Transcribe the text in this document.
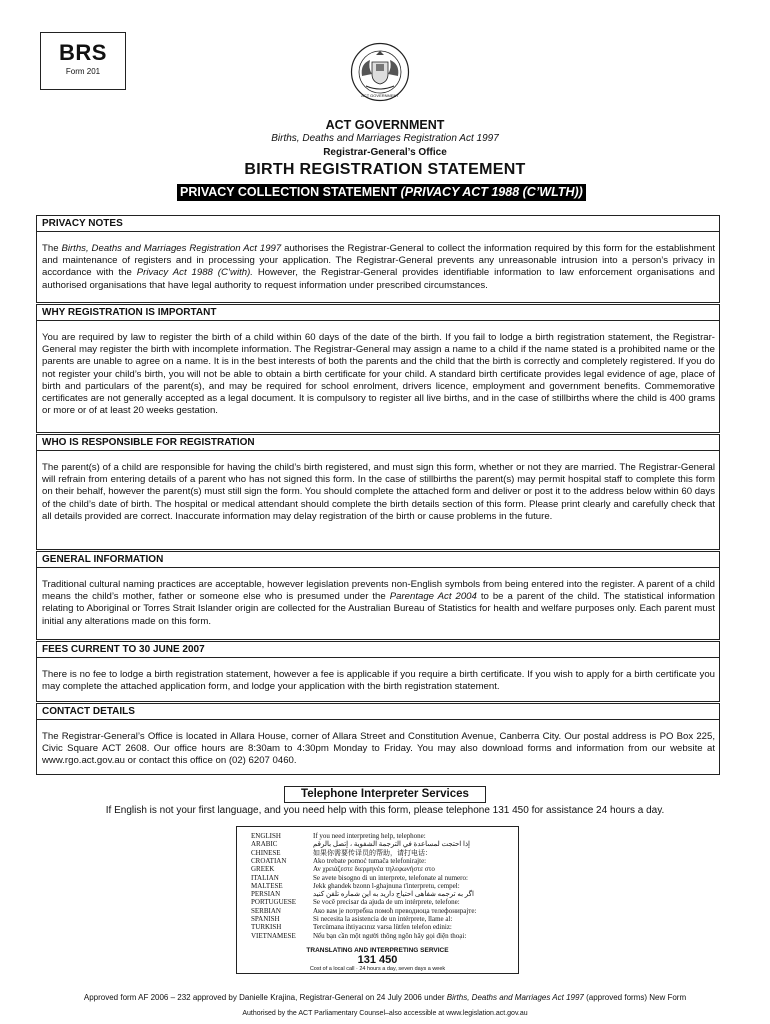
BRS
Form 201
ACT GOVERNMENT
ACT GOVERNMENT
Births, Deaths and Marriages Registration Act 1997
Registrar-General’s Office
BIRTH REGISTRATION STATEMENT
PRIVACY COLLECTION STATEMENT (PRIVACY ACT 1988 (C’WLTH))
PRIVACY NOTES
The Births, Deaths and Marriages Registration Act 1997 authorises the Registrar-General to collect the information required by this form for the establishment and maintenance of registers and in processing your application. The Registrar-General prevents any unreasonable intrusion into a person’s privacy in accordance with the Privacy Act 1988 (C’with). However, the Registrar-General provides identifiable information to law enforcement organisations and authorised organisations that have legal authority to request information under prescribed circumstances.
WHY REGISTRATION IS IMPORTANT
You are required by law to register the birth of a child within 60 days of the date of the birth. If you fail to lodge a birth registration statement, the Registrar-General may register the birth with incomplete information. The Registrar-General may assign a name to a child if the name stated is a prohibited name or the parents are unable to agree on a name. It is in the best interests of both the parents and the child that the birth is correctly and completely registered. If you do not register your child’s birth, you will not be able to obtain a birth certificate for your child. A standard birth certificate provides legal evidence of age, place of birth and particulars of the parent(s), and may be required for school enrolment, drivers licence, employment and government benefits. Commemorative certificates are not generally accepted as a legal document. It is compulsory to register all live births, and in the case of stillbirths where the child is 400 grams or more or of at least 20 weeks gestation.
WHO IS RESPONSIBLE FOR REGISTRATION
The parent(s) of a child are responsible for having the child’s birth registered, and must sign this form, whether or not they are married. The Registrar-General will refrain from entering details of a parent who has not signed this form. In the case of stillbirths the parent(s) may permit hospital staff to complete this form on their behalf, however the parent(s) must still sign the form. You should complete the attached form and deliver or post it to the address below within 60 days of the child’s date of birth. The hospital or medical attendant should complete the birth details section of this form. Please print clearly and carefully check that all details provided are correct. Inaccurate information may delay registration of the birth or cause problems in the future.
GENERAL INFORMATION
Traditional cultural naming practices are acceptable, however legislation prevents non-English symbols from being entered into the register. A parent of a child means the child’s mother, father or someone else who is presumed under the Parentage Act 2004 to be a parent of the child. The statistical information relating to Aboriginal or Torres Strait Islander origin are collected for the Australian Bureau of Statistics for health and welfare purposes only. Each parent must initial any alterations made on this form.
FEES CURRENT TO 30 JUNE 2007
There is no fee to lodge a birth registration statement, however a fee is applicable if you require a birth certificate. If you wish to apply for a birth certificate you may complete the attached application form, and lodge your application with the birth registration statement.
CONTACT DETAILS
The Registrar-General’s Office is located in Allara House, corner of Allara Street and Constitution Avenue, Canberra City. Our postal address is PO Box 225, Civic Square ACT 2608. Our office hours are 8:30am to 4:30pm Monday to Friday. You may also download forms and information from our website at www.rgo.act.gov.au or contact this office on (02) 6207 0460.
Telephone Interpreter Services
If English is not your first language, and you need help with this form, please telephone 131 450 for assistance 24 hours a day.
ENGLISH	If you need interpreting help, telephone:
ARABIC	إذا احتجت لمساعدة في الترجمة الشفوية ، إتصل بالرقم
CHINESE	如果你需要传译员的帮助，请打电话：
CROATIAN	Ako trebate pomoć tumača telefonirajte:
GREEK	Αν χρειάζεστε διερμηνέα τηλεφωνήστε στο
ITALIAN	Se avete bisogno di un interprete, telefonate al numero:
MALTESE	Jekk ghandek bzonn l-ghajnuna t'interpretu, cempel:
PERSIAN	اگر به ترجمه شفاهی احتیاج دارید به این شماره تلفن کنید
PORTUGUESE Se você precisar da ajuda de um intérprete, telefone:
SERBIAN	Ако вам је потребна помоћ преводиоца телефонирајте:
SPANISH	Si necesita la asistencia de un intérprete, llame al:
TURKISH	Tercümana ihtiyacınız varsa lütfen telefon ediniz:
VIETNAMESE Nếu bạn cần một người thông ngôn hãy gọi điện thoại:
TRANSLATING AND INTERPRETING SERVICE
131 450
Cost of a local call · 24 hours a day, seven days a week
Approved form AF 2006 – 232 approved by Danielle Krajina, Registrar-General on 24 July 2006 under Births, Deaths and Marriages Act 1997 (approved forms) New Form
Authorised by the ACT Parliamentary Counsel–also accessible at www.legislation.act.gov.au
